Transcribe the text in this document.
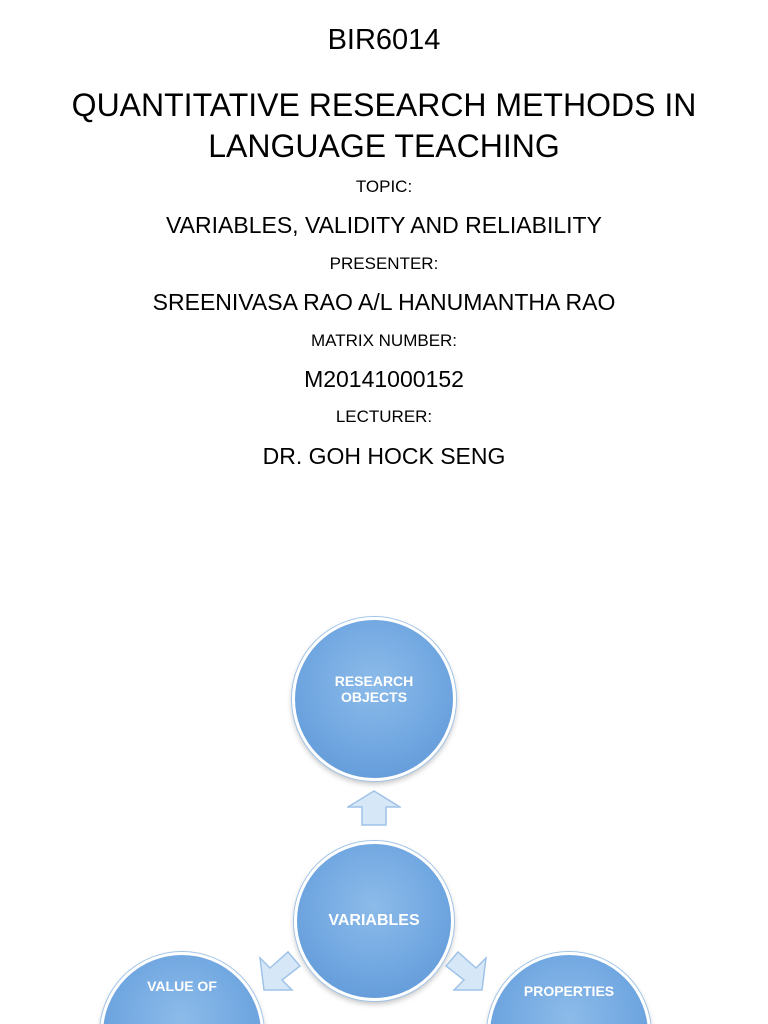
BIR6014
QUANTITATIVE RESEARCH METHODS IN LANGUAGE TEACHING
TOPIC:
VARIABLES, VALIDITY AND RELIABILITY
PRESENTER:
SREENIVASA RAO A/L HANUMANTHA RAO
MATRIX NUMBER:
M20141000152
LECTURER:
DR. GOH HOCK SENG
RESEARCH OBJECTS
VARIABLES
VALUE OF	PROPERTIES
